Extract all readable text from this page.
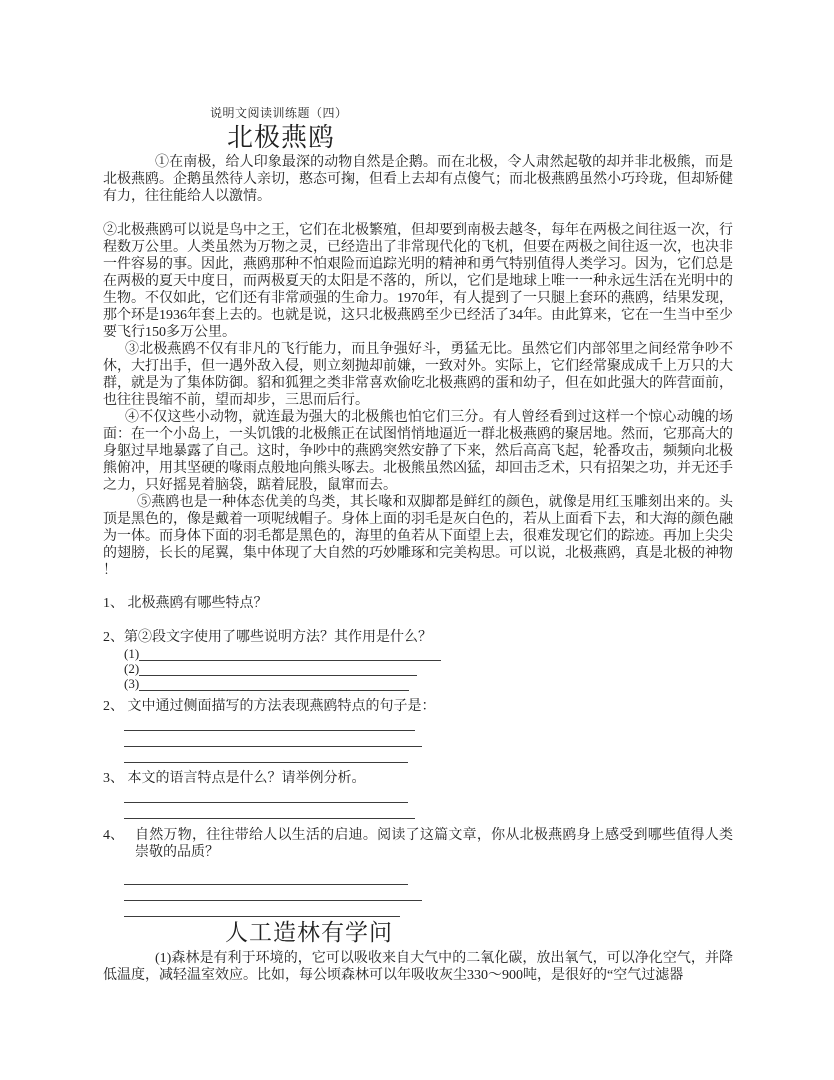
说明文阅读训练题（四）
北极燕鸥

①在南极，给人印象最深的动物自然是企鹅。而在北极，令人肃然起敬的却并非北极熊，而是北极燕鸥。企鹅虽然待人亲切，憨态可掬，但看上去却有点傻气；而北极燕鸥虽然小巧玲珑，但却矫健有力，往往能给人以激情。

②北极燕鸥可以说是鸟中之王，它们在北极繁殖，但却要到南极去越冬，每年在两极之间往返一次，行程数万公里。人类虽然为万物之灵，已经造出了非常现代化的飞机，但要在两极之间往返一次，也决非一件容易的事。因此，燕鸥那种不怕艰险而追踪光明的精神和勇气特别值得人类学习。因为，它们总是在两极的夏天中度日，而两极夏天的太阳是不落的，所以，它们是地球上唯一一种永远生活在光明中的生物。不仅如此，它们还有非常顽强的生命力。1970年，有人提到了一只腿上套环的燕鸥，结果发现，那个环是1936年套上去的。也就是说，这只北极燕鸥至少已经活了34年。由此算来，它在一生当中至少要飞行150多万公里。

③北极燕鸥不仅有非凡的飞行能力，而且争强好斗，勇猛无比。虽然它们内部邻里之间经常争吵不休，大打出手，但一遇外敌入侵，则立刻抛却前嫌，一致对外。实际上，它们经常聚成成千上万只的大群，就是为了集体防御。貂和狐狸之类非常喜欢偷吃北极燕鸥的蛋和幼子，但在如此强大的阵营面前，也往往畏缩不前，望而却步，三思而后行。

④不仅这些小动物，就连最为强大的北极熊也怕它们三分。有人曾经看到过这样一个惊心动魄的场面：在一个小岛上，一头饥饿的北极熊正在试图悄悄地逼近一群北极燕鸥的聚居地。然而，它那高大的身躯过早地暴露了自己。这时，争吵中的燕鸥突然安静了下来，然后高高飞起，轮番攻击，频频向北极熊俯冲，用其坚硬的喙雨点般地向熊头啄去。北极熊虽然凶猛，却回击乏术，只有招架之功，并无还手之力，只好摇晃着脑袋，踮着屁股，鼠窜而去。

⑤燕鸥也是一种体态优美的鸟类，其长喙和双脚都是鲜红的颜色，就像是用红玉雕刻出来的。头顶是黑色的，像是戴着一项呢绒帽子。身体上面的羽毛是灰白色的，若从上面看下去，和大海的颜色融为一体。而身体下面的羽毛都是黑色的，海里的鱼若从下面望上去，很难发现它们的踪迹。再加上尖尖的翅膀，长长的尾翼，集中体现了大自然的巧妙雕琢和完美构思。可以说，北极燕鸥，真是北极的神物！

1、 北极燕鸥有哪些特点？
2、第②段文字使用了哪些说明方法？其作用是什么？
(1)
(2)
(3)
2、 文中通过侧面描写的方法表现燕鸥特点的句子是：
3、 本文的语言特点是什么？请举例分析。
4、 自然万物，往往带给人以生活的启迪。阅读了这篇文章，你从北极燕鸥身上感受到哪些值得人类崇敬的品质？
人工造林有学问

(1)森林是有利于环境的，它可以吸收来自大气中的二氧化碳，放出氧气，可以净化空气，并降低温度，减轻温室效应。比如，每公顷森林可以年吸收灰尘330～900吨，是很好的“空气过滤器
